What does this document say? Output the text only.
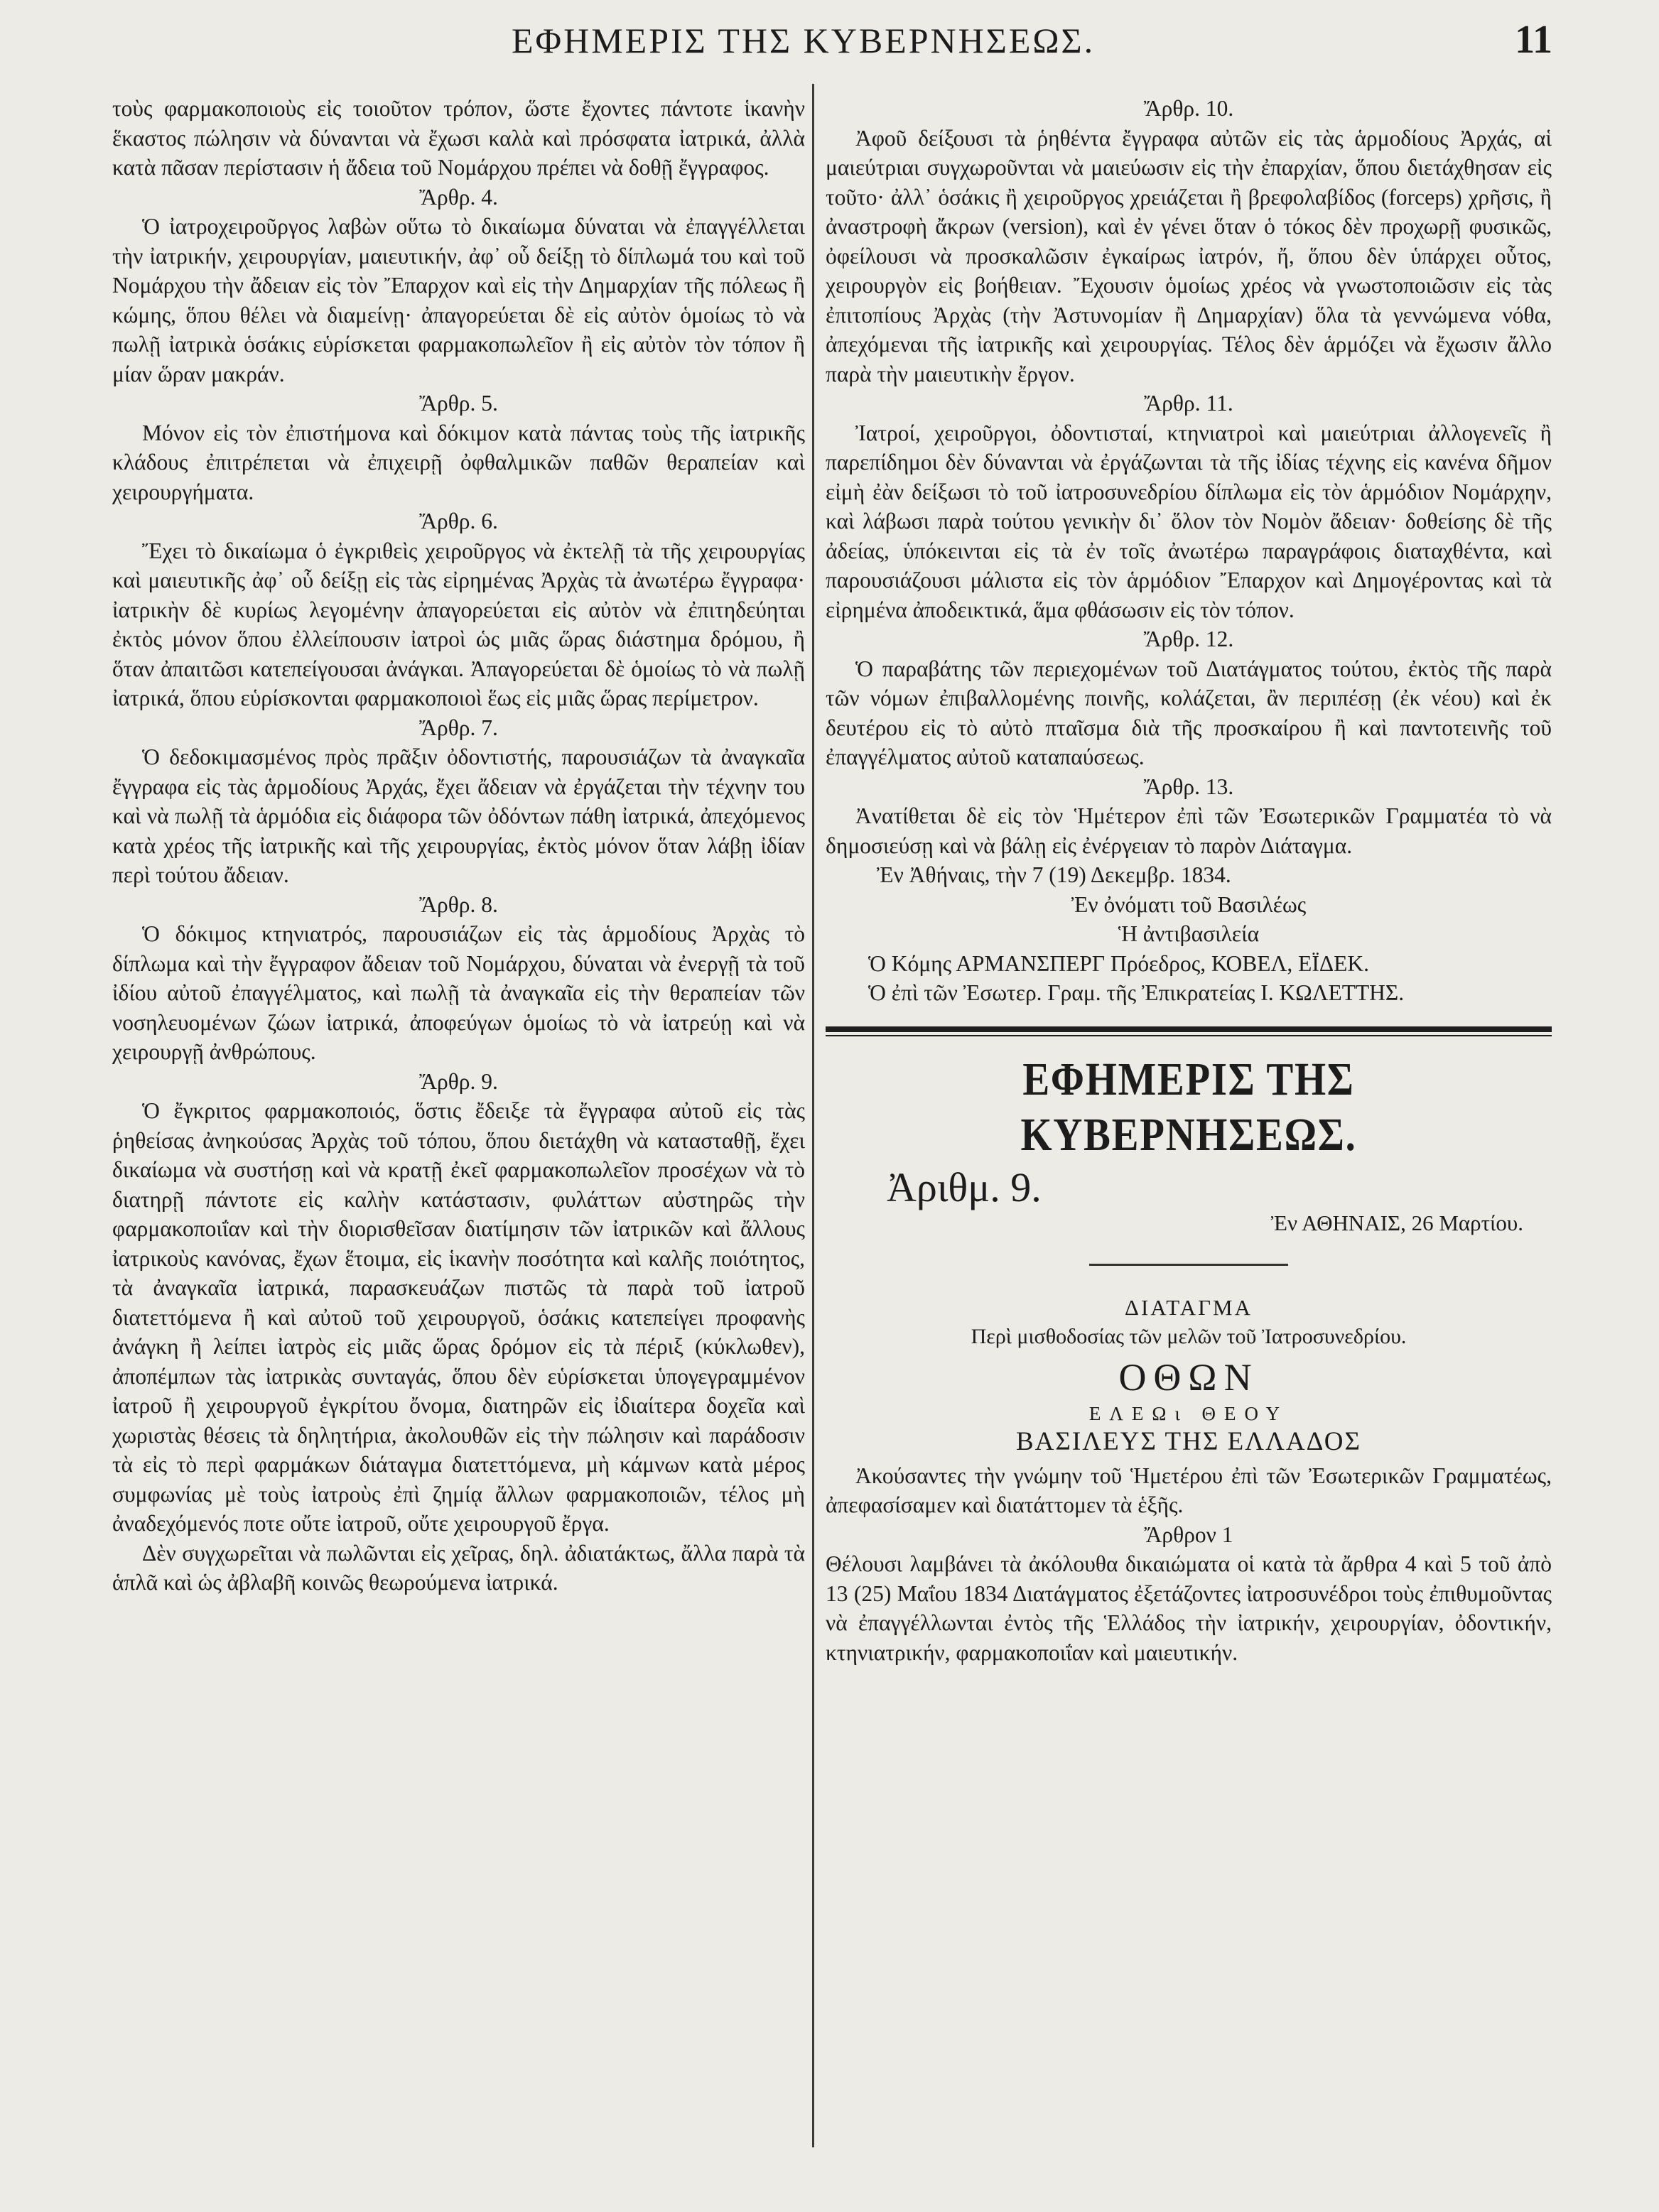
ΕΦΗΜΕΡΙΣ ΤΗΣ ΚΥΒΕΡΝΗΣΕΩΣ.	11

τοὺς φαρμακοποιοὺς εἰς τοιοῦτον τρόπον, ὥστε ἔχοντες πάντοτε ἱκανὴν ἕκαστος πώλησιν νὰ δύνανται νὰ ἔχωσι καλὰ καὶ πρόσφατα ἰατρικά, ἀλλὰ κατὰ πᾶσαν περίστασιν ἡ ἄδεια τοῦ Νομάρχου πρέπει νὰ δοθῇ ἔγγραφος.

Ἄρθρ. 4.

Ὁ ἰατροχειροῦργος λαβὼν οὕτω τὸ δικαίωμα δύναται νὰ ἐπαγγέλλεται τὴν ἰατρικήν, χειρουργίαν, μαιευτικήν, ἀφ᾽ οὗ δείξῃ τὸ δίπλωμά του καὶ τοῦ Νομάρχου τὴν ἄδειαν εἰς τὸν Ἔπαρχον καὶ εἰς τὴν Δημαρχίαν τῆς πόλεως ἢ κώμης, ὅπου θέλει νὰ διαμείνῃ· ἀπαγορεύεται δὲ εἰς αὐτὸν ὁμοίως τὸ νὰ πωλῇ ἰατρικὰ ὁσάκις εὑρίσκεται φαρμακοπωλεῖον ἢ εἰς αὐτὸν τὸν τόπον ἢ μίαν ὥραν μακράν.

Ἄρθρ. 5.

Μόνον εἰς τὸν ἐπιστήμονα καὶ δόκιμον κατὰ πάντας τοὺς τῆς ἰατρικῆς κλάδους ἐπιτρέπεται νὰ ἐπιχειρῇ ὀφθαλμικῶν παθῶν θεραπείαν καὶ χειρουργήματα.

Ἄρθρ. 6.

Ἔχει τὸ δικαίωμα ὁ ἐγκριθεὶς χειροῦργος νὰ ἐκτελῇ τὰ τῆς χειρουργίας καὶ μαιευτικῆς ἀφ᾽ οὗ δείξῃ εἰς τὰς εἰρημένας Ἀρχὰς τὰ ἀνωτέρω ἔγγραφα· ἰατρικὴν δὲ κυρίως λεγομένην ἀπαγορεύεται εἰς αὐτὸν νὰ ἐπιτηδεύηται ἐκτὸς μόνον ὅπου ἐλλείπουσιν ἰατροὶ ὡς μιᾶς ὥρας διάστημα δρόμου, ἢ ὅταν ἀπαιτῶσι κατεπείγουσαι ἀνάγκαι. Ἀπαγορεύεται δὲ ὁμοίως τὸ νὰ πωλῇ ἰατρικά, ὅπου εὑρίσκονται φαρμακοποιοὶ ἕως εἰς μιᾶς ὥρας περίμετρον.

Ἄρθρ. 7.

Ὁ δεδοκιμασμένος πρὸς πρᾶξιν ὀδοντιστής, παρουσιάζων τὰ ἀναγκαῖα ἔγγραφα εἰς τὰς ἁρμοδίους Ἀρχάς, ἔχει ἄδειαν νὰ ἐργάζεται τὴν τέχνην του καὶ νὰ πωλῇ τὰ ἁρμόδια εἰς διάφορα τῶν ὀδόντων πάθη ἰατρικά, ἀπεχόμενος κατὰ χρέος τῆς ἰατρικῆς καὶ τῆς χειρουργίας, ἐκτὸς μόνον ὅταν λάβῃ ἰδίαν περὶ τούτου ἄδειαν.

Ἄρθρ. 8.

Ὁ δόκιμος κτηνιατρός, παρουσιάζων εἰς τὰς ἁρμοδίους Ἀρχὰς τὸ δίπλωμα καὶ τὴν ἔγγραφον ἄδειαν τοῦ Νομάρχου, δύναται νὰ ἐνεργῇ τὰ τοῦ ἰδίου αὐτοῦ ἐπαγγέλματος, καὶ πωλῇ τὰ ἀναγκαῖα εἰς τὴν θεραπείαν τῶν νοσηλευομένων ζώων ἰατρικά, ἀποφεύγων ὁμοίως τὸ νὰ ἰατρεύῃ καὶ νὰ χειρουργῇ ἀνθρώπους.

Ἄρθρ. 9.

Ὁ ἔγκριτος φαρμακοποιός, ὅστις ἔδειξε τὰ ἔγγραφα αὐτοῦ εἰς τὰς ῥηθείσας ἀνηκούσας Ἀρχὰς τοῦ τόπου, ὅπου διετάχθη νὰ κατασταθῇ, ἔχει δικαίωμα νὰ συστήσῃ καὶ νὰ κρατῇ ἐκεῖ φαρμακοπωλεῖον προσέχων νὰ τὸ διατηρῇ πάντοτε εἰς καλὴν κατάστασιν, φυλάττων αὐστηρῶς τὴν φαρμακοποιΐαν καὶ τὴν διορισθεῖσαν διατίμησιν τῶν ἰατρικῶν καὶ ἄλλους ἰατρικοὺς κανόνας, ἔχων ἕτοιμα, εἰς ἱκανὴν ποσότητα καὶ καλῆς ποιότητος, τὰ ἀναγκαῖα ἰατρικά, παρασκευάζων πιστῶς τὰ παρὰ τοῦ ἰατροῦ διατεττόμενα ἢ καὶ αὐτοῦ τοῦ χειρουργοῦ, ὁσάκις κατεπείγει προφανὴς ἀνάγκη ἢ λείπει ἰατρὸς εἰς μιᾶς ὥρας δρόμον εἰς τὰ πέριξ (κύκλωθεν), ἀποπέμπων τὰς ἰατρικὰς συνταγάς, ὅπου δὲν εὑρίσκεται ὑπογεγραμμένον ἰατροῦ ἢ χειρουργοῦ ἐγκρίτου ὄνομα, διατηρῶν εἰς ἰδιαίτερα δοχεῖα καὶ χωριστὰς θέσεις τὰ δηλητήρια, ἀκολουθῶν εἰς τὴν πώλησιν καὶ παράδοσιν τὰ εἰς τὸ περὶ φαρμάκων διάταγμα διατεττόμενα, μὴ κάμνων κατὰ μέρος συμφωνίας μὲ τοὺς ἰατροὺς ἐπὶ ζημίᾳ ἄλλων φαρμακοποιῶν, τέλος μὴ ἀναδεχόμενός ποτε οὔτε ἰατροῦ, οὔτε χειρουργοῦ ἔργα.

Δὲν συγχωρεῖται νὰ πωλῶνται εἰς χεῖρας, δηλ. ἀδιατάκτως, ἄλλα παρὰ τὰ ἁπλᾶ καὶ ὡς ἀβλαβῆ κοινῶς θεωρούμενα ἰατρικά.

Ἄρθρ. 10.

Ἀφοῦ δείξουσι τὰ ῥηθέντα ἔγγραφα αὐτῶν εἰς τὰς ἁρμοδίους Ἀρχάς, αἱ μαιεύτριαι συγχωροῦνται νὰ μαιεύωσιν εἰς τὴν ἐπαρχίαν, ὅπου διετάχθησαν εἰς τοῦτο· ἀλλ᾽ ὁσάκις ἢ χειροῦργος χρειάζεται ἢ βρεφολαβίδος (forceps) χρῆσις, ἢ ἀναστροφὴ ἄκρων (version), καὶ ἐν γένει ὅταν ὁ τόκος δὲν προχωρῇ φυσικῶς, ὀφείλουσι νὰ προσκαλῶσιν ἐγκαίρως ἰατρόν, ἤ, ὅπου δὲν ὑπάρχει οὗτος, χειρουργὸν εἰς βοήθειαν. Ἔχουσιν ὁμοίως χρέος νὰ γνωστοποιῶσιν εἰς τὰς ἐπιτοπίους Ἀρχὰς (τὴν Ἀστυνομίαν ἢ Δημαρχίαν) ὅλα τὰ γεννώμενα νόθα, ἀπεχόμεναι τῆς ἰατρικῆς καὶ χειρουργίας. Τέλος δὲν ἁρμόζει νὰ ἔχωσιν ἄλλο παρὰ τὴν μαιευτικὴν ἔργον.

Ἄρθρ. 11.

Ἰατροί, χειροῦργοι, ὀδοντισταί, κτηνιατροὶ καὶ μαιεύτριαι ἀλλογενεῖς ἢ παρεπίδημοι δὲν δύνανται νὰ ἐργάζωνται τὰ τῆς ἰδίας τέχνης εἰς κανένα δῆμον εἰμὴ ἐὰν δείξωσι τὸ τοῦ ἰατροσυνεδρίου δίπλωμα εἰς τὸν ἁρμόδιον Νομάρχην, καὶ λάβωσι παρὰ τούτου γενικὴν δι᾽ ὅλον τὸν Νομὸν ἄδειαν· δοθείσης δὲ τῆς ἀδείας, ὑπόκεινται εἰς τὰ ἐν τοῖς ἀνωτέρω παραγράφοις διαταχθέντα, καὶ παρουσιάζουσι μάλιστα εἰς τὸν ἁρμόδιον Ἔπαρχον καὶ Δημογέροντας καὶ τὰ εἰρημένα ἀποδεικτικά, ἅμα φθάσωσιν εἰς τὸν τόπον.

Ἄρθρ. 12.

Ὁ παραβάτης τῶν περιεχομένων τοῦ Διατάγματος τούτου, ἐκτὸς τῆς παρὰ τῶν νόμων ἐπιβαλλομένης ποινῆς, κολάζεται, ἂν περιπέσῃ (ἐκ νέου) καὶ ἐκ δευτέρου εἰς τὸ αὐτὸ πταῖσμα διὰ τῆς προσκαίρου ἢ καὶ παντοτεινῆς τοῦ ἐπαγγέλματος αὐτοῦ καταπαύσεως.

Ἄρθρ. 13.

Ἀνατίθεται δὲ εἰς τὸν Ἡμέτερον ἐπὶ τῶν Ἐσωτερικῶν Γραμματέα τὸ νὰ δημοσιεύσῃ καὶ νὰ βάλῃ εἰς ἐνέργειαν τὸ παρὸν Διάταγμα.

Ἐν Ἀθήναις, τὴν 7 (19) Δεκεμβρ. 1834.

Ἐν ὀνόματι τοῦ Βασιλέως

Ἡ ἀντιβασιλεία

Ὁ Κόμης ΑΡΜΑΝΣΠΕΡΓ Πρόεδρος, ΚΟΒΕΛ, ΕΪΔΕΚ.

Ὁ ἐπὶ τῶν Ἐσωτερ. Γραμ. τῆς Ἐπικρατείας Ι. ΚΩΛΕΤΤΗΣ.

ΕΦΗΜΕΡΙΣ ΤΗΣ ΚΥΒΕΡΝΗΣΕΩΣ.
Ἀριθμ. 9.
Ἐν ΑΘΗΝΑΙΣ, 26 Μαρτίου.

ΔΙΑΤΑΓΜΑ

Περὶ μισθοδοσίας τῶν μελῶν τοῦ Ἰατροσυνεδρίου.

ΟΘΩΝ

ΕΛΕΩι ΘΕΟΥ

ΒΑΣΙΛΕΥΣ ΤΗΣ ΕΛΛΑΔΟΣ

Ἀκούσαντες τὴν γνώμην τοῦ Ἡμετέρου ἐπὶ τῶν Ἐσωτερικῶν Γραμματέως, ἀπεφασίσαμεν καὶ διατάττομεν τὰ ἑξῆς.

Ἄρθρον 1

Θέλουσι λαμβάνει τὰ ἀκόλουθα δικαιώματα οἱ κατὰ τὰ ἄρθρα 4 καὶ 5 τοῦ ἀπὸ 13 (25) Μαΐου 1834 Διατάγματος ἐξετάζοντες ἰατροσυνέδροι τοὺς ἐπιθυμοῦντας νὰ ἐπαγγέλλωνται ἐντὸς τῆς Ἑλλάδος τὴν ἰατρικήν, χειρουργίαν, ὀδοντικήν, κτηνιατρικήν, φαρμακοποιΐαν καὶ μαιευτικήν.
